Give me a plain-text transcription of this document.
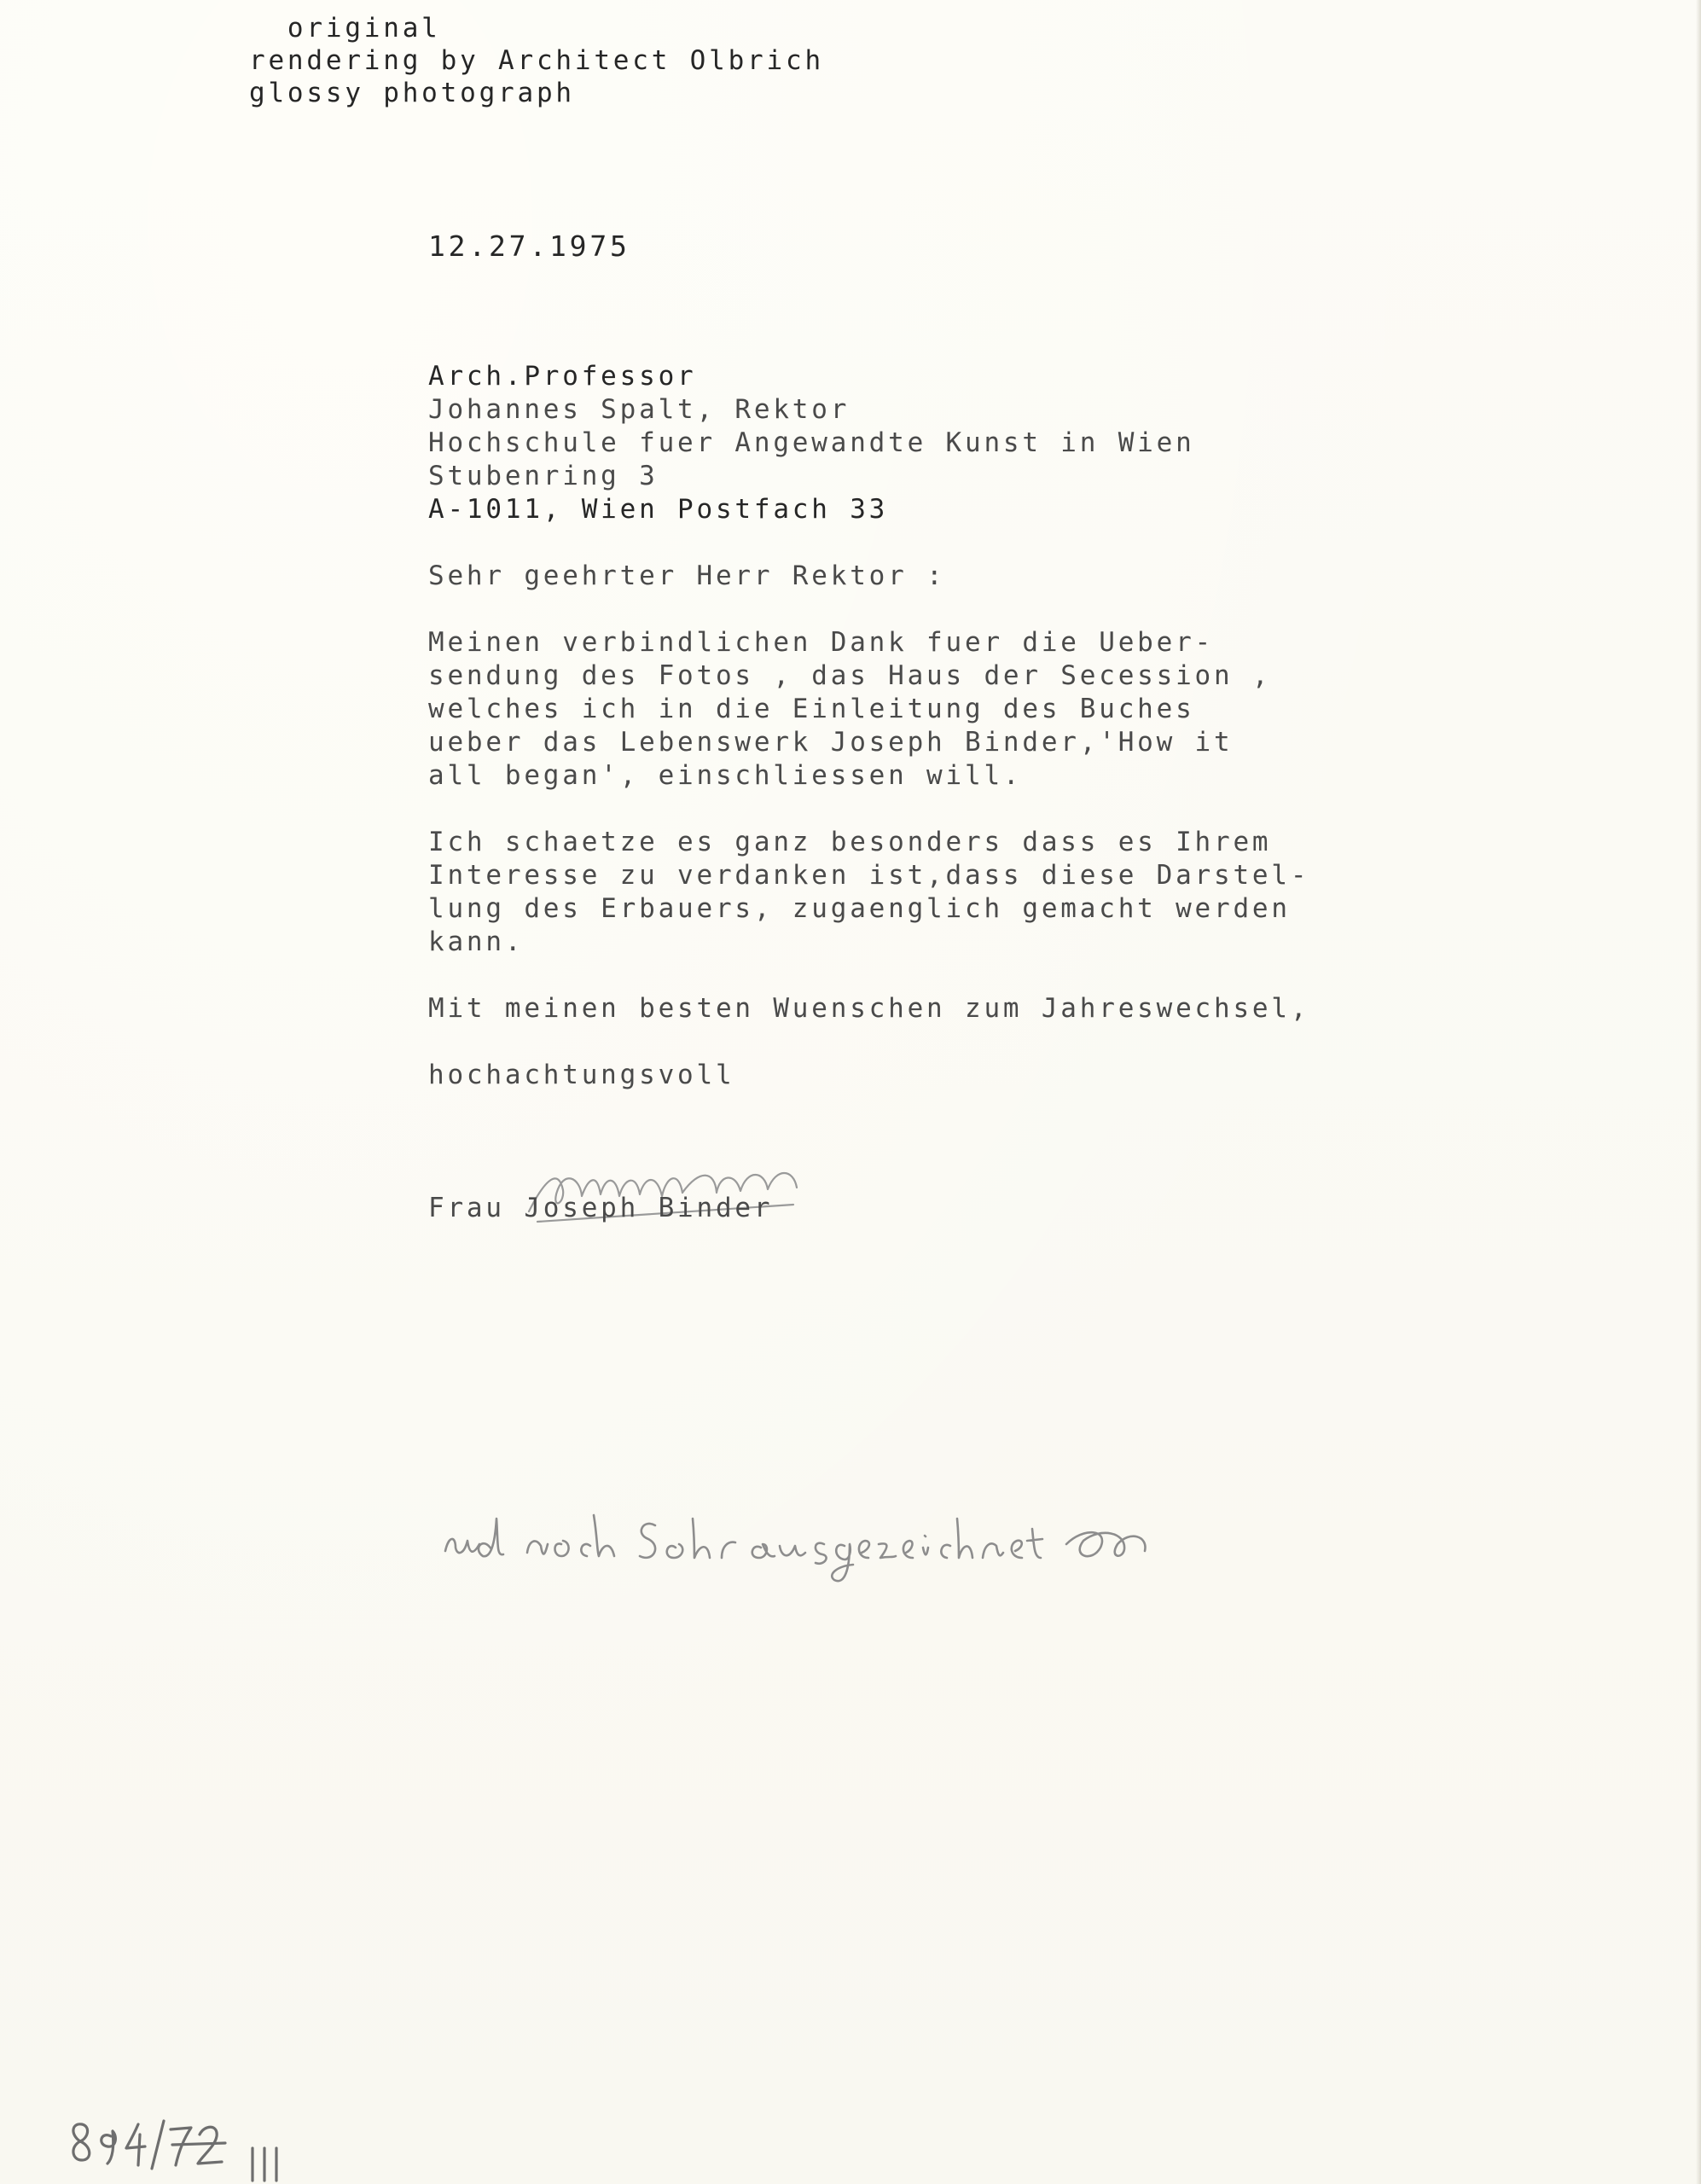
original
rendering by Architect Olbrich
glossy photograph
12.27.1975
Arch.Professor
Johannes Spalt, Rektor
Hochschule fuer Angewandte Kunst in Wien
Stubenring 3
A-1011, Wien Postfach 33
Sehr geehrter Herr Rektor :
Meinen verbindlichen Dank fuer die Ueber-
sendung des Fotos , das Haus der Secession ,
welches ich in die Einleitung des Buches
ueber das Lebenswerk Joseph Binder,'How it
all began', einschliessen will.
Ich schaetze es ganz besonders dass es Ihrem
Interesse zu verdanken ist,dass diese Darstel-
lung des Erbauers, zugaenglich gemacht werden
kann.
Mit meinen besten Wuenschen zum Jahreswechsel,
hochachtungsvoll
Frau Joseph Binder
